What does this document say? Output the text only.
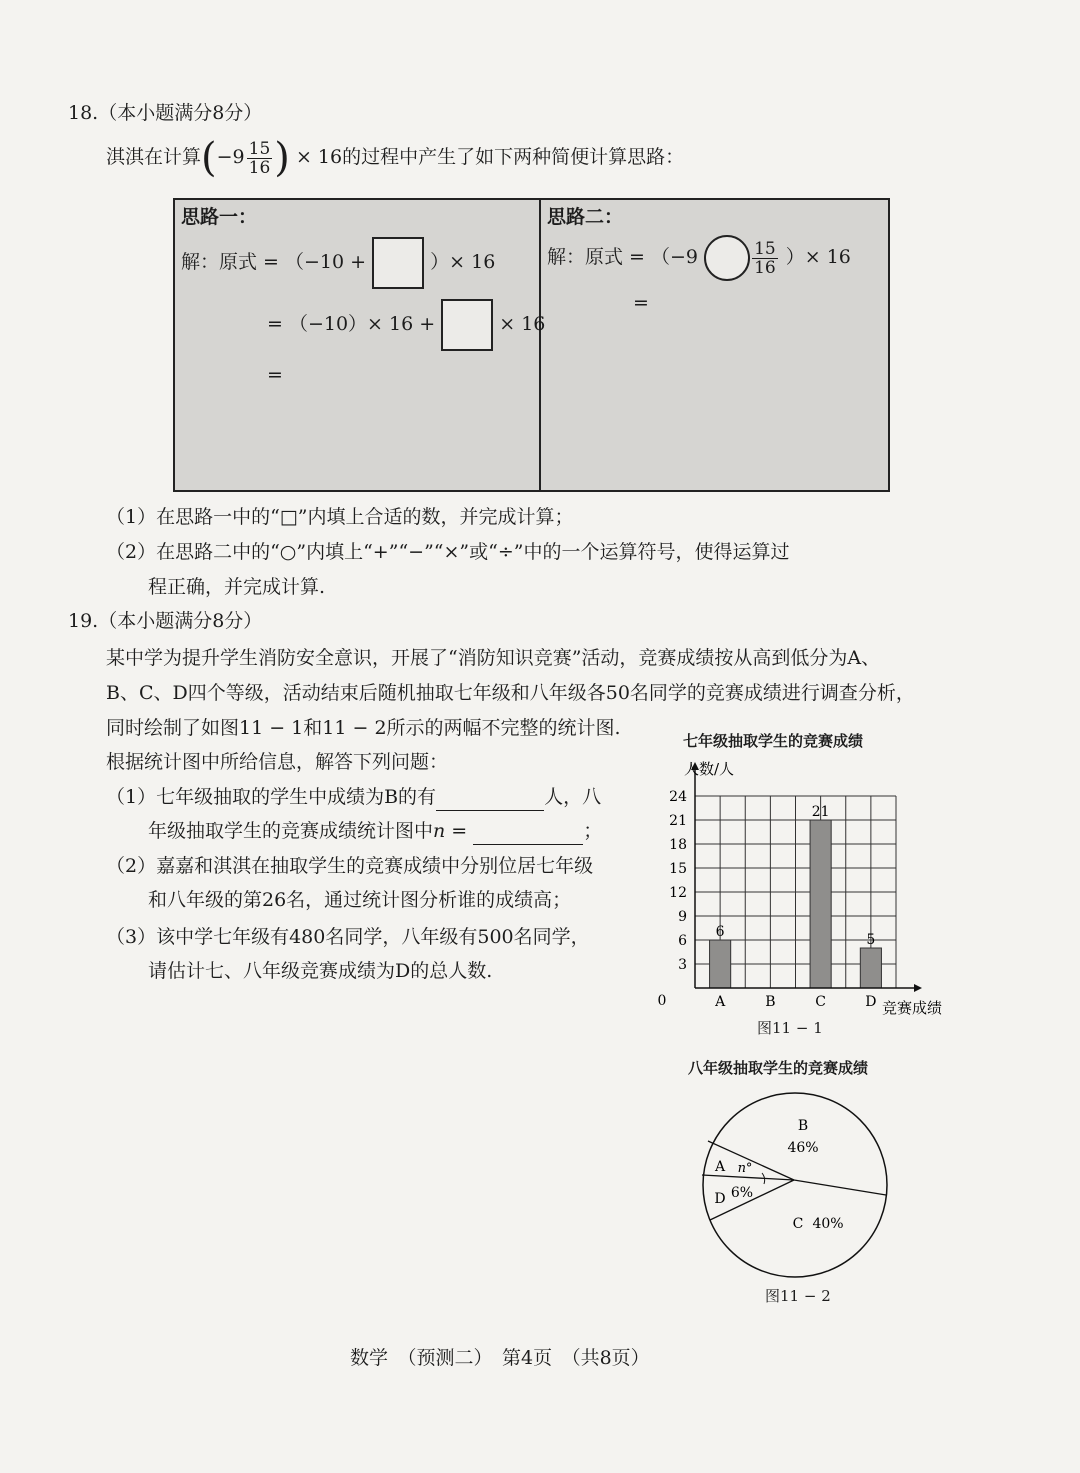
18.（本小题满分8分）
淇淇在计算($-9 \frac{15}{16}$ ) × 16的过程中产生了如下两种简便计算思路：
思路一：
解：原式 = （−10 +	）× 16
= （−10）× 16 +	× 16
=
思路二：
解：原式 = （−9	$\frac{15}{16}$ ）× 16
=
（1）在思路一中的“□”内填上合适的数，并完成计算；
（2）在思路二中的“○”内填上“+”“−”“×”或“÷”中的一个运算符号，使得运算过
程正确，并完成计算.
19.（本小题满分8分）
某中学为提升学生消防安全意识，开展了“消防知识竞赛”活动，竞赛成绩按从高到低分为A、
B、C、D四个等级，活动结束后随机抽取七年级和八年级各50名同学的竞赛成绩进行调查分析，
同时绘制了如图11 − 1和11 − 2所示的两幅不完整的统计图.
根据统计图中所给信息，解答下列问题：
（1）七年级抽取的学生中成绩为B的有	人，八
年级抽取学生的竞赛成绩统计图中n =	；
（2）嘉嘉和淇淇在抽取学生的竞赛成绩中分别位居七年级
和八年级的第26名，通过统计图分析谁的成绩高；
（3）该中学七年级有480名同学，八年级有500名同学，
请估计七、八年级竞赛成绩为D的总人数.
七年级抽取学生的竞赛成绩
6
21
5
0
3
6
9
12
15
18
21
24
A	B	C	D
人数/人
竞赛成绩
图11 − 1
八年级抽取学生的竞赛成绩
B
46%
C 40%
D 6%
A n°
图11 − 2
数学　（预测二）　第4页　（共8页）
